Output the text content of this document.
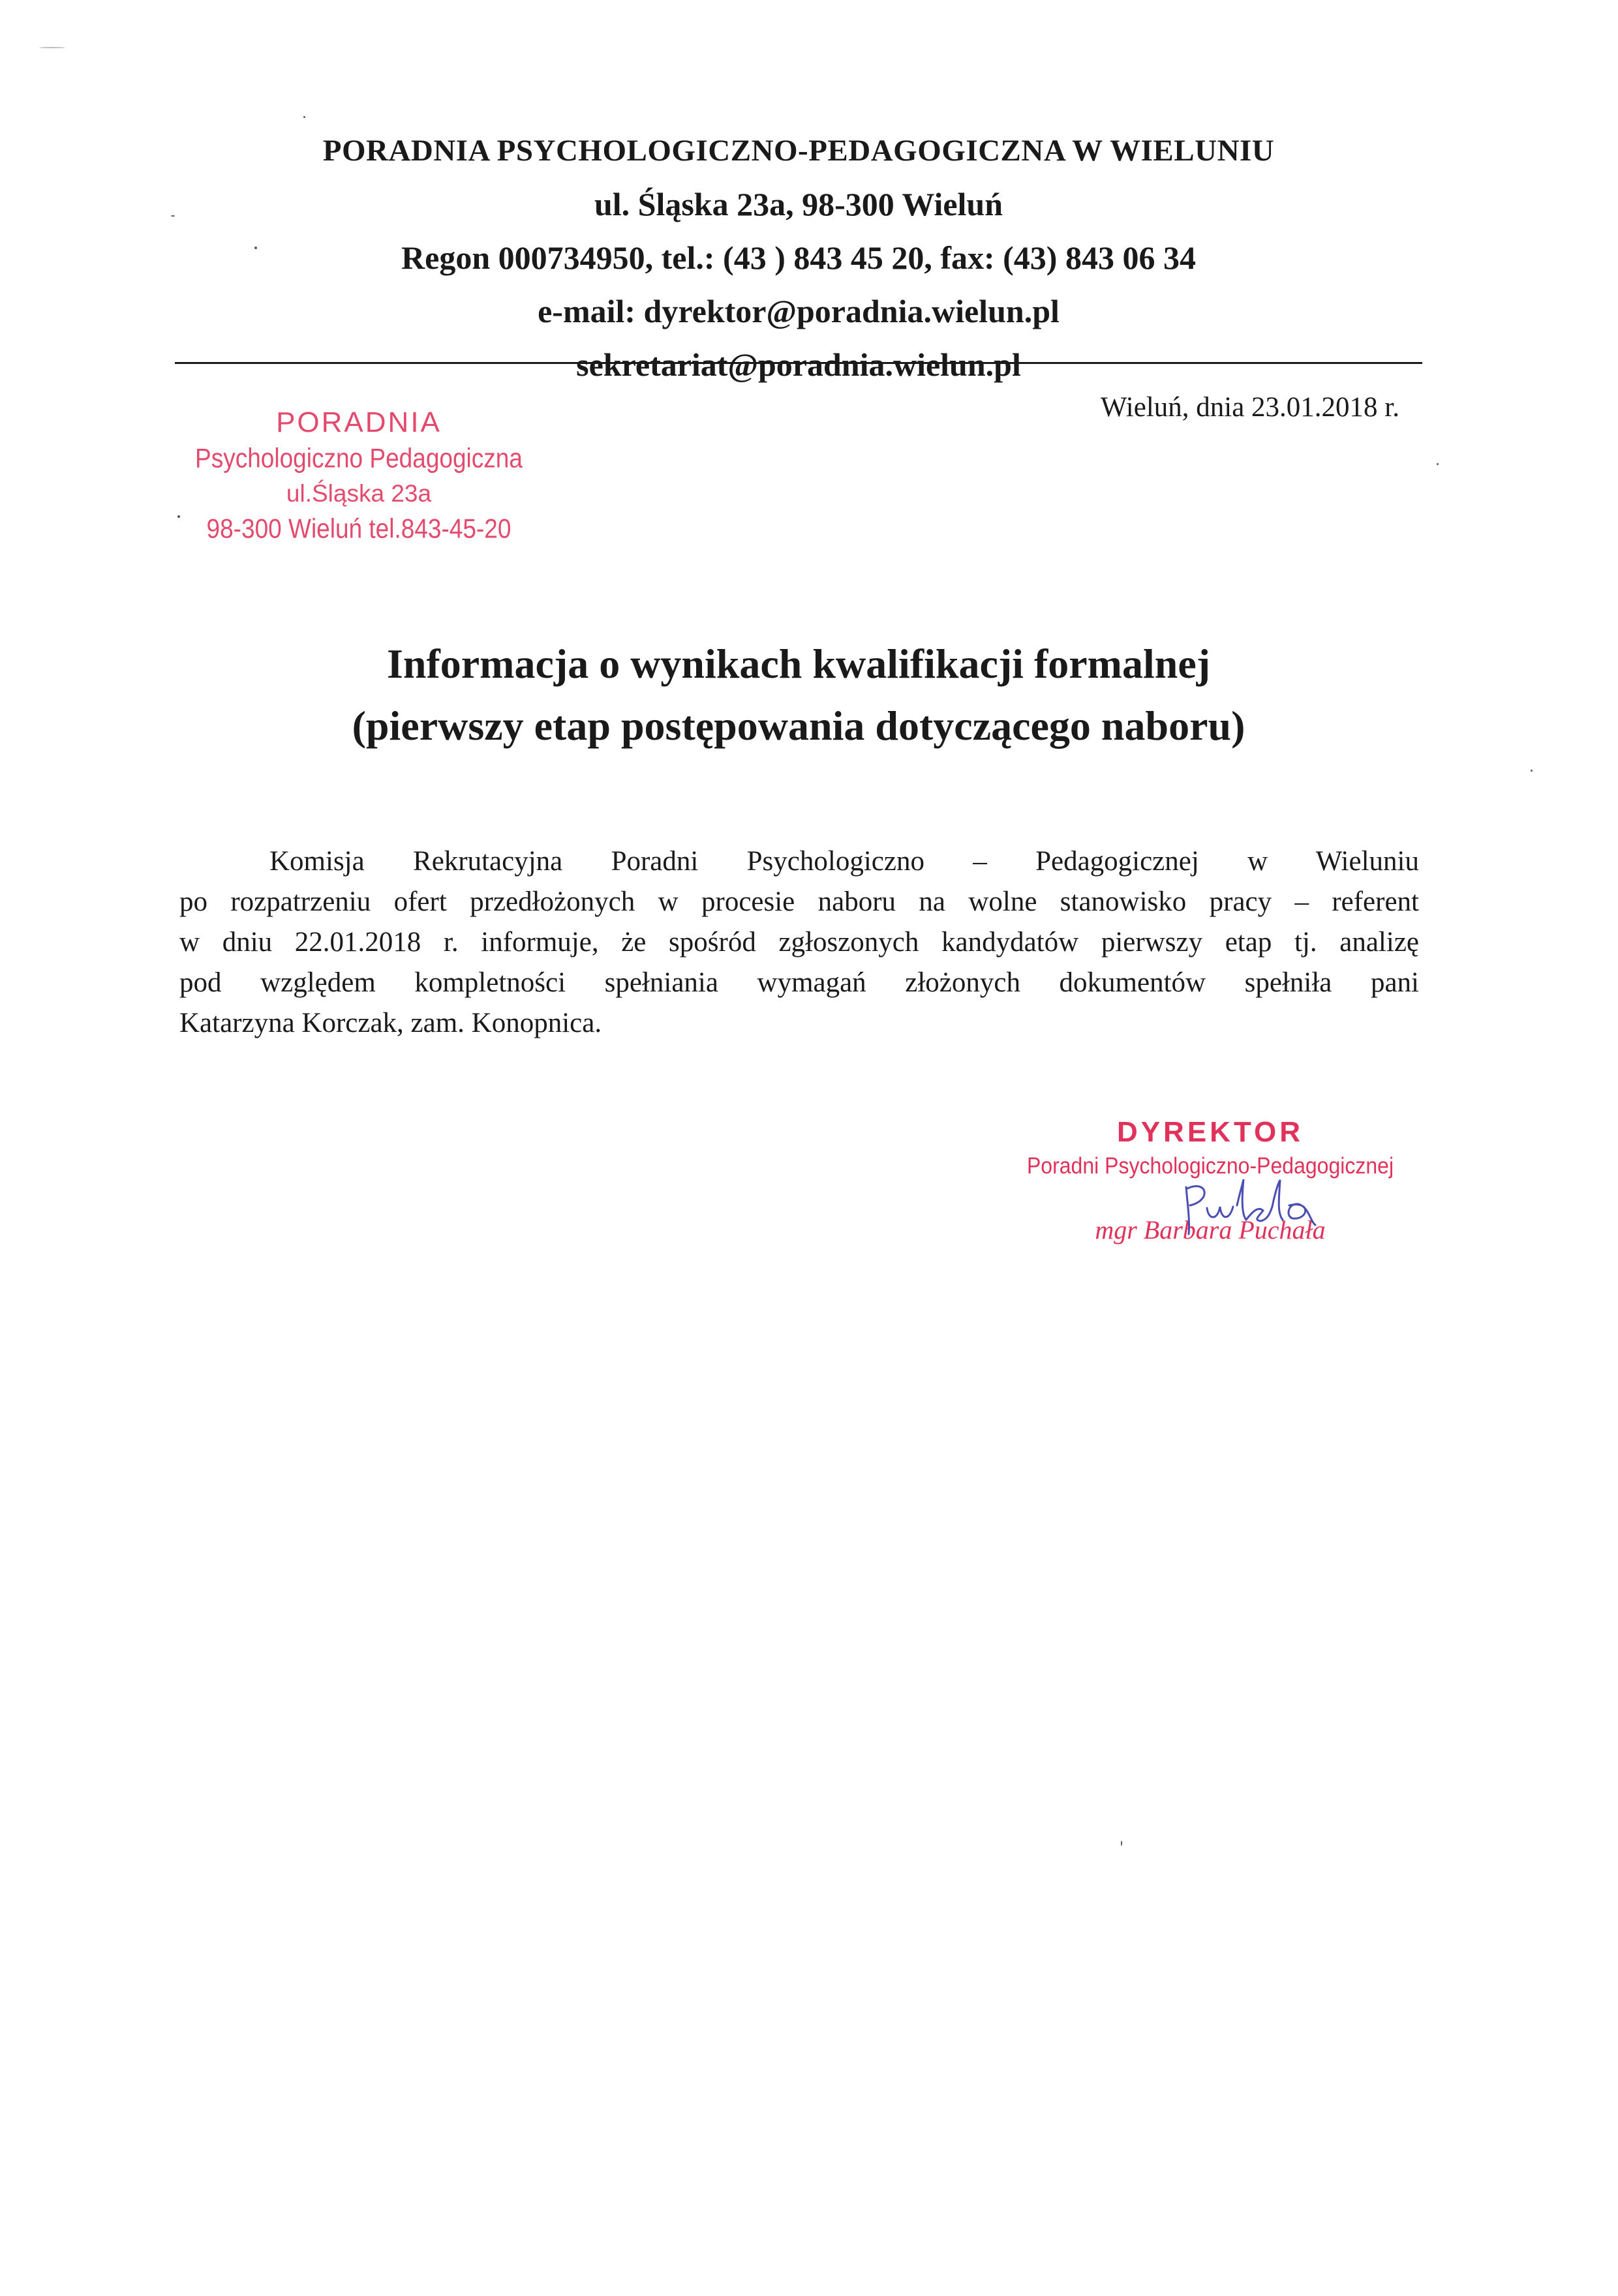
PORADNIA PSYCHOLOGICZNO-PEDAGOGICZNA W WIELUNIU
ul. Śląska 23a, 98-300 Wieluń
Regon 000734950, tel.: (43 ) 843 45 20, fax: (43) 843 06 34
e-mail: dyrektor@poradnia.wielun.pl
sekretariat@poradnia.wielun.pl
PORADNIA
Psychologiczno Pedagogiczna
ul.Śląska 23a
98-300 Wieluń tel.843-45-20
Wieluń, dnia 23.01.2018 r.
Informacja o wynikach kwalifikacji formalnej
(pierwszy etap postępowania dotyczącego naboru)
Komisja Rekrutacyjna Poradni Psychologiczno – Pedagogicznej w Wieluniu
po rozpatrzeniu ofert przedłożonych w procesie naboru na wolne stanowisko pracy – referent
w dniu 22.01.2018 r. informuje, że spośród zgłoszonych kandydatów pierwszy etap tj. analizę
pod względem kompletności spełniania wymagań złożonych dokumentów spełniła pani
Katarzyna Korczak, zam. Konopnica.
DYREKTOR
Poradni Psychologiczno-Pedagogicznej
mgr Barbara Puchała
